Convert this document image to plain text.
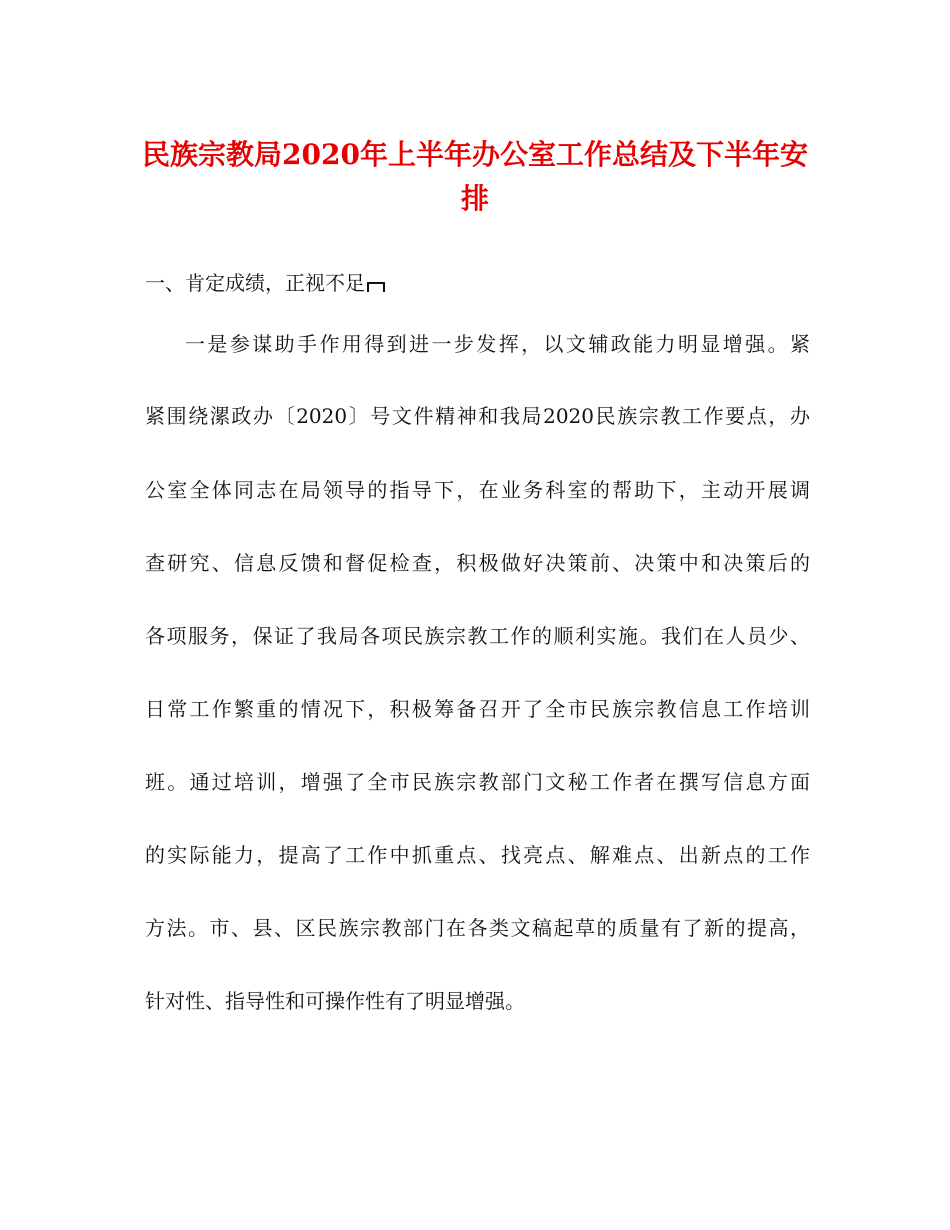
民族宗教局2020年上半年办公室工作总结及下半年安
排

一、肯定成绩，正视不足

一是参谋助手作用得到进一步发挥，以文辅政能力明显增强。紧

紧围绕漯政办〔2020〕号文件精神和我局2020民族宗教工作要点，办

公室全体同志在局领导的指导下，在业务科室的帮助下，主动开展调

查研究、信息反馈和督促检查，积极做好决策前、决策中和决策后的

各项服务，保证了我局各项民族宗教工作的顺利实施。我们在人员少、

日常工作繁重的情况下，积极筹备召开了全市民族宗教信息工作培训

班。通过培训，增强了全市民族宗教部门文秘工作者在撰写信息方面

的实际能力，提高了工作中抓重点、找亮点、解难点、出新点的工作

方法。市、县、区民族宗教部门在各类文稿起草的质量有了新的提高，

针对性、指导性和可操作性有了明显增强。
